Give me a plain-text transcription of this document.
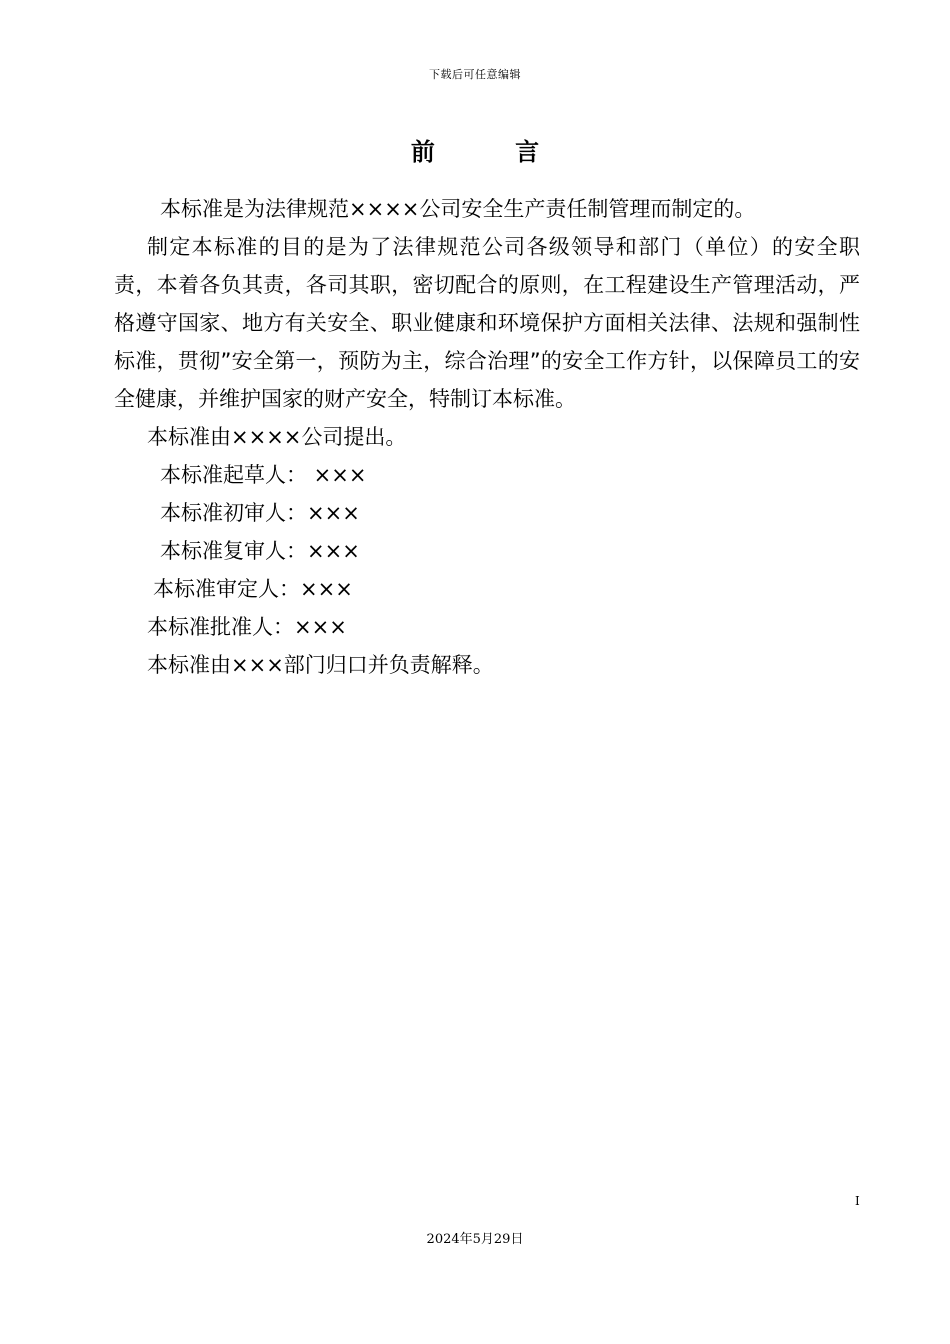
下载后可任意编辑
前 言

本标准是为法律规范××××公司安全生产责任制管理而制定的。

制定本标准的目的是为了法律规范公司各级领导和部门（单位）的安全职责，本着各负其责，各司其职，密切配合的原则，在工程建设生产管理活动，严格遵守国家、地方有关安全、职业健康和环境保护方面相关法律、法规和强制性标准，贯彻”安全第一，预防为主，综合治理”的安全工作方针，以保障员工的安全健康，并维护国家的财产安全，特制订本标准。

本标准由××××公司提出。

本标准起草人： ×××

本标准初审人：×××

本标准复审人：×××

本标准审定人：×××

本标准批准人：×××

本标准由×××部门归口并负责解释。

I
2024年5月29日
